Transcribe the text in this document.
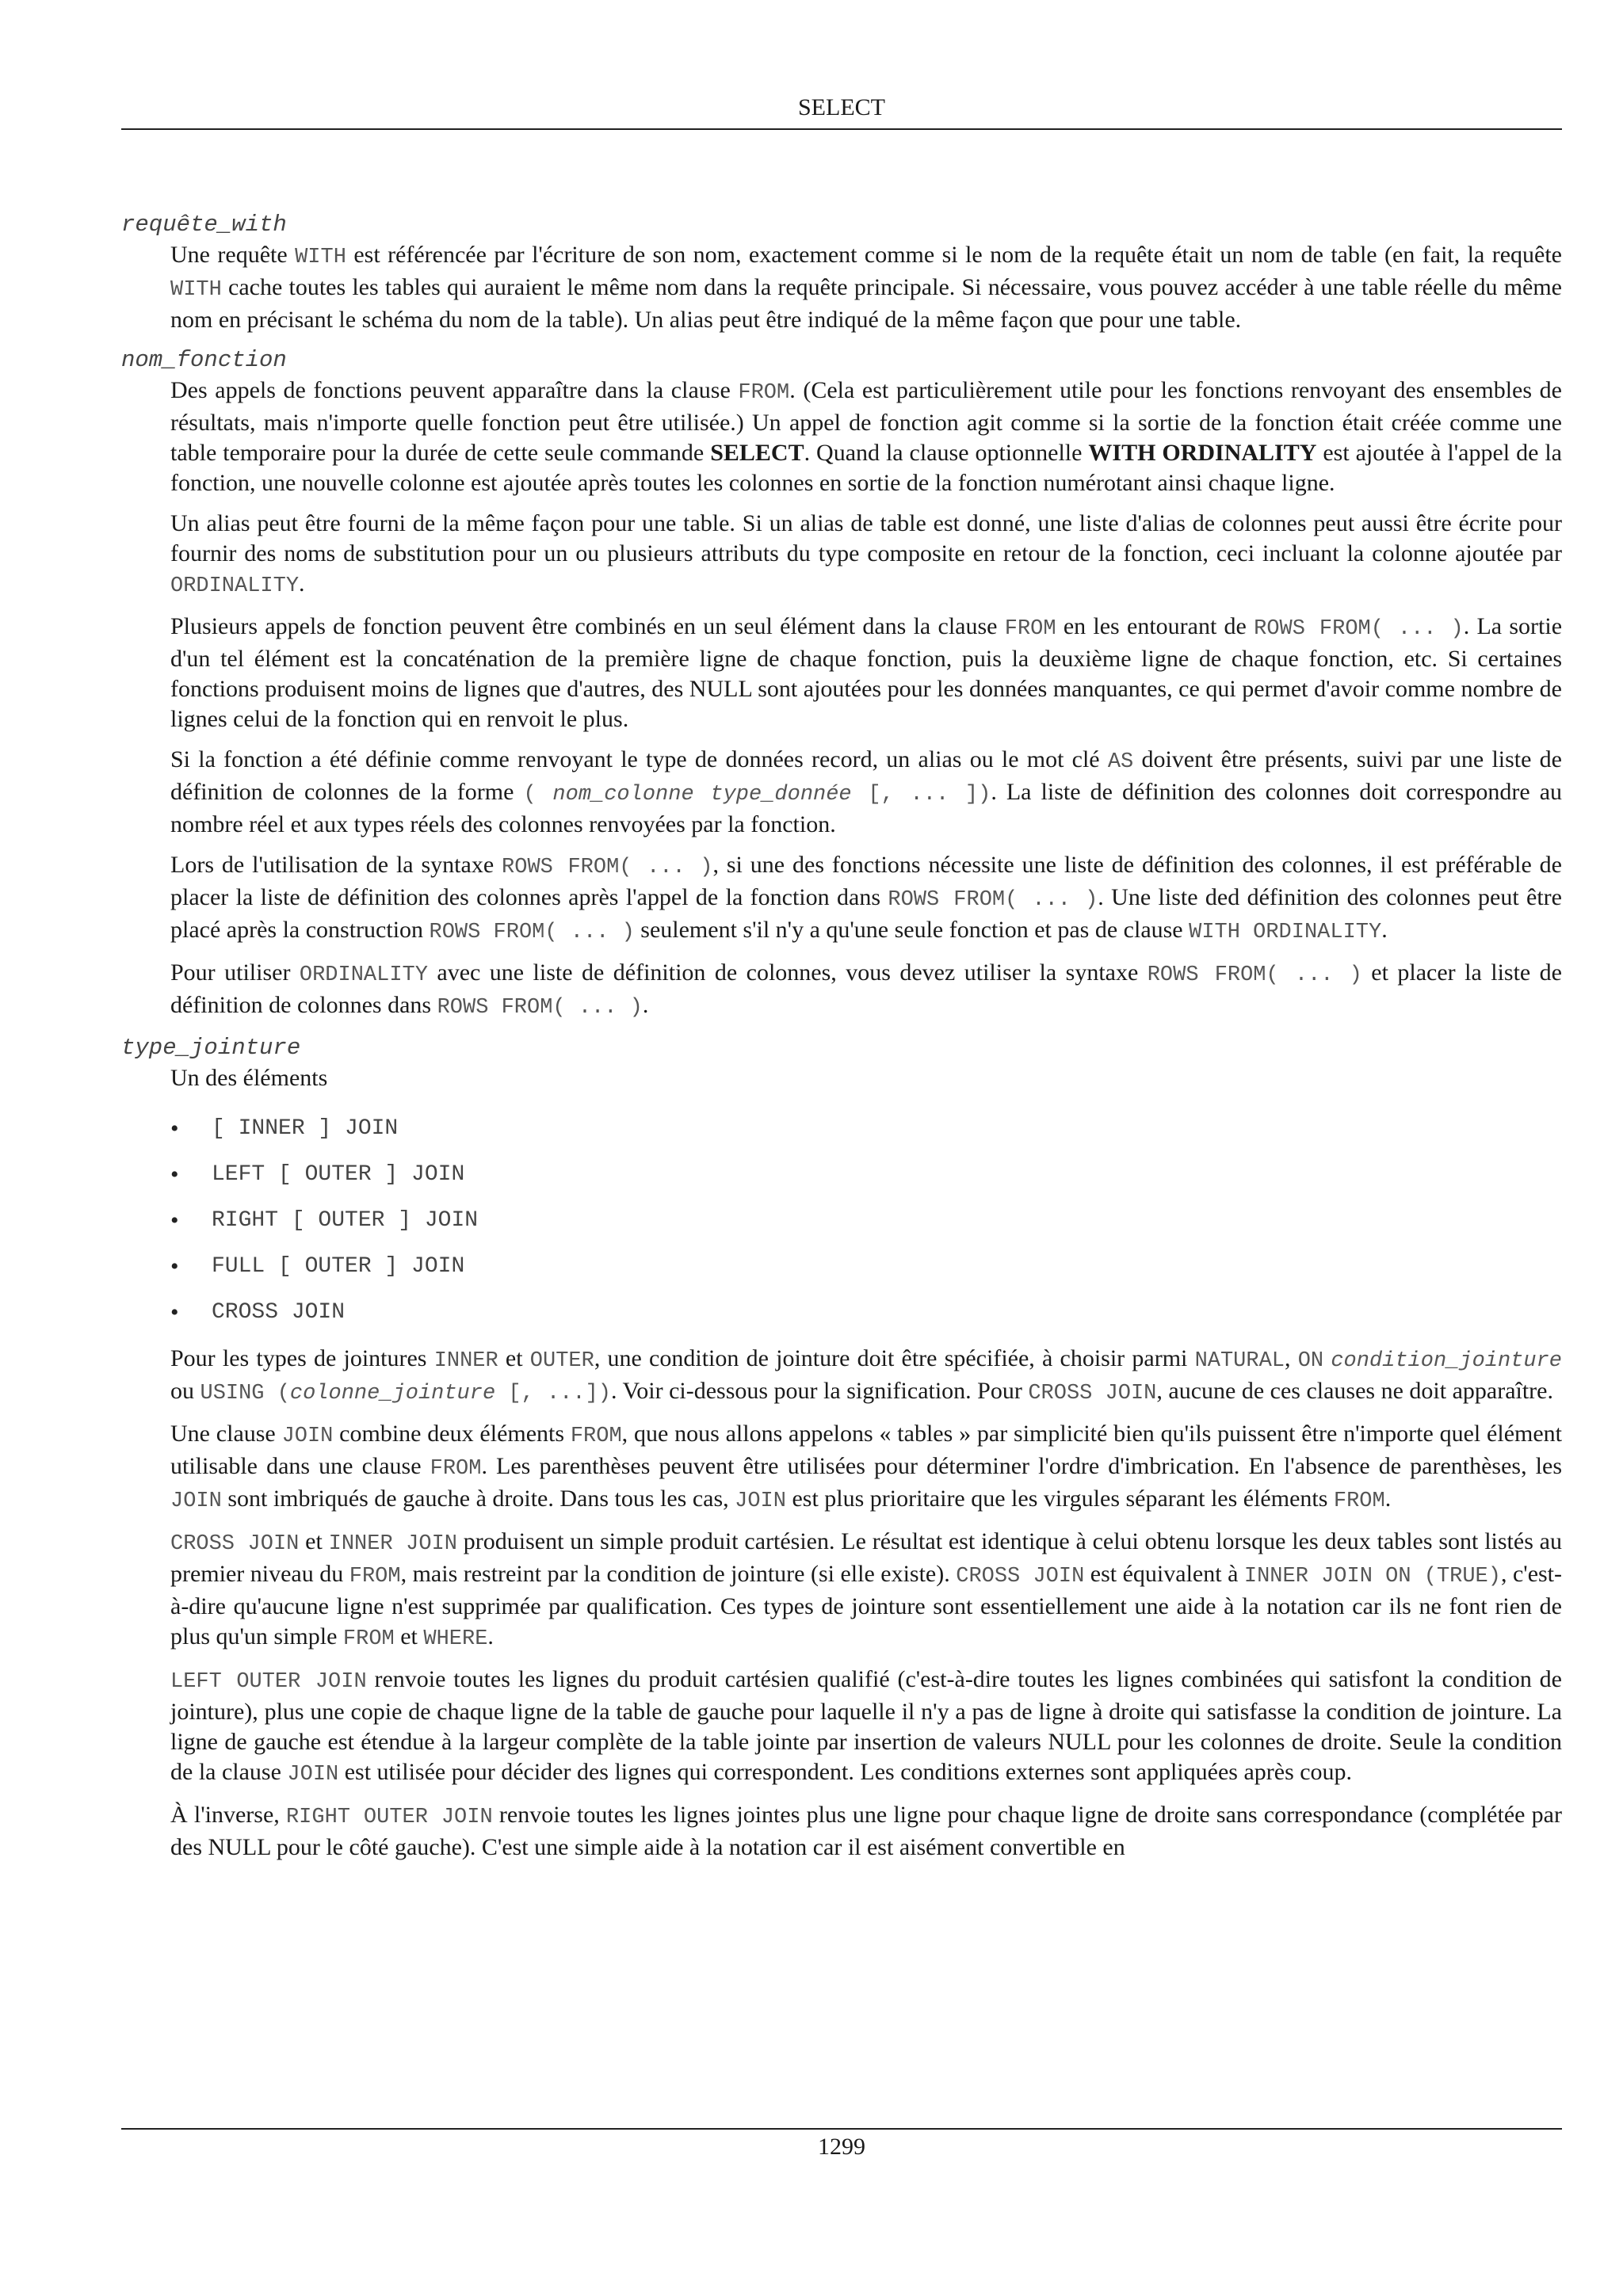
SELECT
requête_with

Une requête WITH est référencée par l'écriture de son nom, exactement comme si le nom de la requête était un nom de table (en fait, la requête WITH cache toutes les tables qui auraient le même nom dans la requête principale. Si nécessaire, vous pouvez accéder à une table réelle du même nom en précisant le schéma du nom de la table). Un alias peut être indiqué de la même façon que pour une table.

nom_fonction

Des appels de fonctions peuvent apparaître dans la clause FROM. (Cela est particulièrement utile pour les fonctions renvoyant des ensembles de résultats, mais n'importe quelle fonction peut être utilisée.) Un appel de fonction agit comme si la sortie de la fonction était créée comme une table temporaire pour la durée de cette seule commande SELECT. Quand la clause optionnelle WITH ORDINALITY est ajoutée à l'appel de la fonction, une nouvelle colonne est ajoutée après toutes les colonnes en sortie de la fonction numérotant ainsi chaque ligne.

Un alias peut être fourni de la même façon pour une table. Si un alias de table est donné, une liste d'alias de colonnes peut aussi être écrite pour fournir des noms de substitution pour un ou plusieurs attributs du type composite en retour de la fonction, ceci incluant la colonne ajoutée par ORDINALITY.

Plusieurs appels de fonction peuvent être combinés en un seul élément dans la clause FROM en les entourant de ROWS FROM( ... ). La sortie d'un tel élément est la concaténation de la première ligne de chaque fonction, puis la deuxième ligne de chaque fonction, etc. Si certaines fonctions produisent moins de lignes que d'autres, des NULL sont ajoutées pour les données manquantes, ce qui permet d'avoir comme nombre de lignes celui de la fonction qui en renvoit le plus.

Si la fonction a été définie comme renvoyant le type de données record, un alias ou le mot clé AS doivent être présents, suivi par une liste de définition de colonnes de la forme ( nom_colonne type_donnée [, ... ]). La liste de définition des colonnes doit correspondre au nombre réel et aux types réels des colonnes renvoyées par la fonction.

Lors de l'utilisation de la syntaxe ROWS FROM( ... ), si une des fonctions nécessite une liste de définition des colonnes, il est préférable de placer la liste de définition des colonnes après l'appel de la fonction dans ROWS FROM( ... ). Une liste ded définition des colonnes peut être placé après la construction ROWS FROM( ... ) seulement s'il n'y a qu'une seule fonction et pas de clause WITH ORDINALITY.

Pour utiliser ORDINALITY avec une liste de définition de colonnes, vous devez utiliser la syntaxe ROWS FROM( ... ) et placer la liste de définition de colonnes dans ROWS FROM( ... ).

type_jointure

Un des éléments

• [ INNER ] JOIN
• LEFT [ OUTER ] JOIN
• RIGHT [ OUTER ] JOIN
• FULL [ OUTER ] JOIN
• CROSS JOIN

Pour les types de jointures INNER et OUTER, une condition de jointure doit être spécifiée, à choisir parmi NATURAL, ON condition_jointure ou USING (colonne_jointure [, ...]). Voir ci-dessous pour la signification. Pour CROSS JOIN, aucune de ces clauses ne doit apparaître.

Une clause JOIN combine deux éléments FROM, que nous allons appelons « tables » par simplicité bien qu'ils puissent être n'importe quel élément utilisable dans une clause FROM. Les parenthèses peuvent être utilisées pour déterminer l'ordre d'imbrication. En l'absence de parenthèses, les JOIN sont imbriqués de gauche à droite. Dans tous les cas, JOIN est plus prioritaire que les virgules séparant les éléments FROM.

CROSS JOIN et INNER JOIN produisent un simple produit cartésien. Le résultat est identique à celui obtenu lorsque les deux tables sont listés au premier niveau du FROM, mais restreint par la condition de jointure (si elle existe). CROSS JOIN est équivalent à INNER JOIN ON (TRUE), c'est-à-dire qu'aucune ligne n'est supprimée par qualification. Ces types de jointure sont essentiellement une aide à la notation car ils ne font rien de plus qu'un simple FROM et WHERE.

LEFT OUTER JOIN renvoie toutes les lignes du produit cartésien qualifié (c'est-à-dire toutes les lignes combinées qui satisfont la condition de jointure), plus une copie de chaque ligne de la table de gauche pour laquelle il n'y a pas de ligne à droite qui satisfasse la condition de jointure. La ligne de gauche est étendue à la largeur complète de la table jointe par insertion de valeurs NULL pour les colonnes de droite. Seule la condition de la clause JOIN est utilisée pour décider des lignes qui correspondent. Les conditions externes sont appliquées après coup.

À l'inverse, RIGHT OUTER JOIN renvoie toutes les lignes jointes plus une ligne pour chaque ligne de droite sans correspondance (complétée par des NULL pour le côté gauche). C'est une simple aide à la notation car il est aisément convertible en

1299
